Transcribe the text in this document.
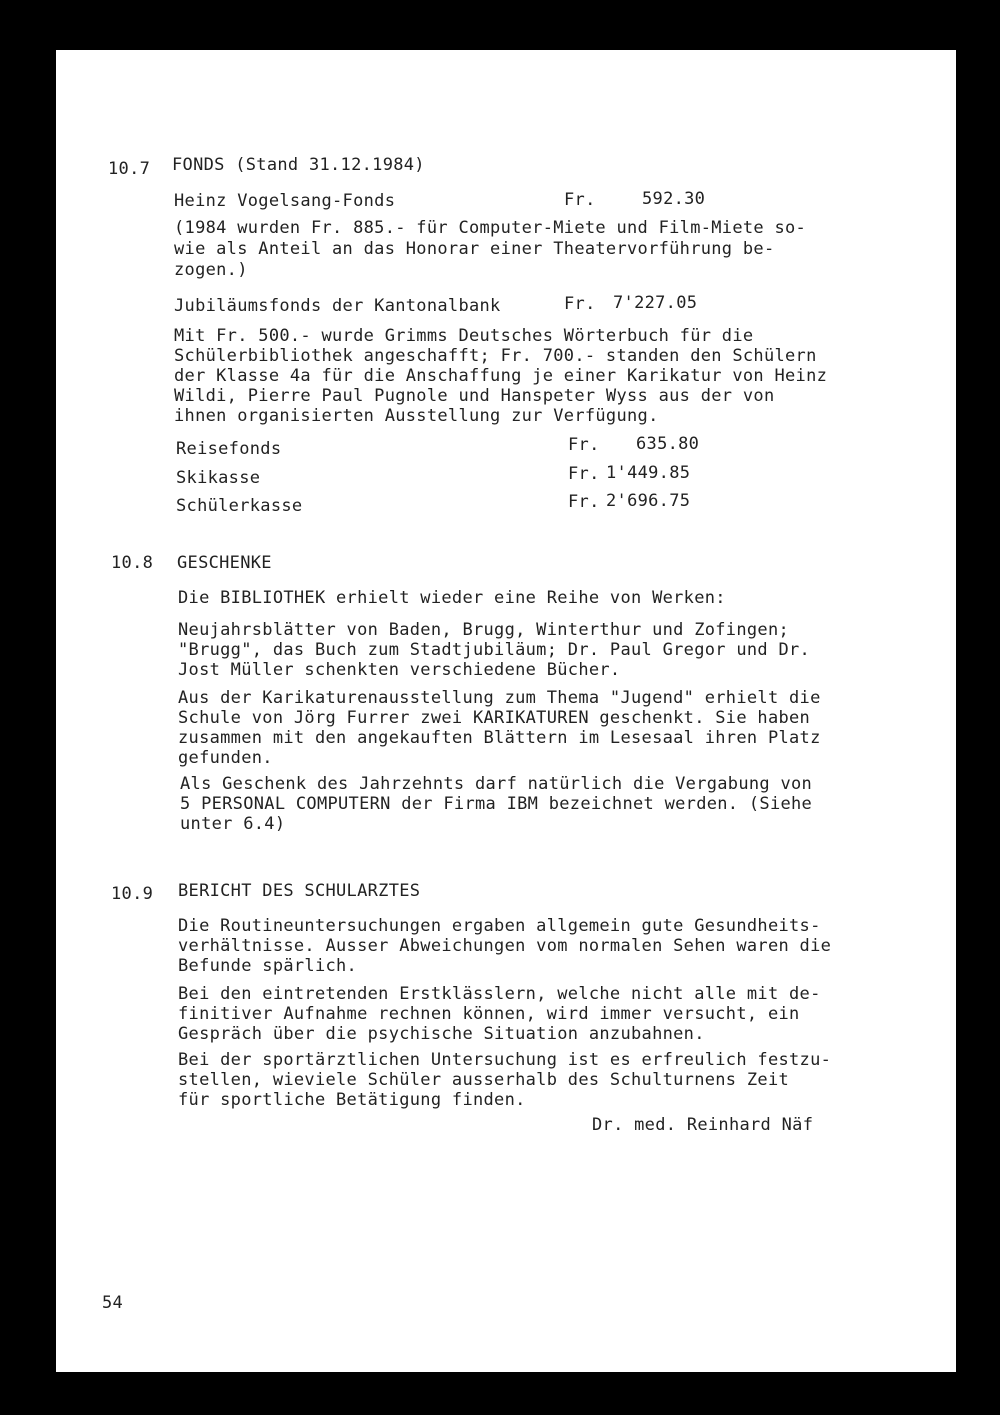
10.7	FONDS (Stand 31.12.1984)
Heinz Vogelsang-Fonds	Fr.	592.30
(1984 wurden Fr. 885.- für Computer-Miete und Film-Miete so-
wie als Anteil an das Honorar einer Theatervorführung be-
zogen.)
Jubiläumsfonds der Kantonalbank	Fr. 7'227.05
Mit Fr. 500.- wurde Grimms Deutsches Wörterbuch für die
Schülerbibliothek angeschafft; Fr. 700.- standen den Schülern
der Klasse 4a für die Anschaffung je einer Karikatur von Heinz
Wildi, Pierre Paul Pugnole und Hanspeter Wyss aus der von
ihnen organisierten Ausstellung zur Verfügung.
Reisefonds	Fr. 635.80
Skikasse	Fr. 1'449.85
Schülerkasse	Fr. 2'696.75
10.8	GESCHENKE
Die BIBLIOTHEK erhielt wieder eine Reihe von Werken:
Neujahrsblätter von Baden, Brugg, Winterthur und Zofingen;
"Brugg", das Buch zum Stadtjubiläum; Dr. Paul Gregor und Dr.
Jost Müller schenkten verschiedene Bücher.
Aus der Karikaturenausstellung zum Thema "Jugend" erhielt die
Schule von Jörg Furrer zwei KARIKATUREN geschenkt. Sie haben
zusammen mit den angekauften Blättern im Lesesaal ihren Platz
gefunden.
Als Geschenk des Jahrzehnts darf natürlich die Vergabung von
5 PERSONAL COMPUTERN der Firma IBM bezeichnet werden. (Siehe
unter 6.4)
10.9	BERICHT DES SCHULARZTES
Die Routineuntersuchungen ergaben allgemein gute Gesundheits-
verhältnisse. Ausser Abweichungen vom normalen Sehen waren die
Befunde spärlich.
Bei den eintretenden Erstklässlern, welche nicht alle mit de-
finitiver Aufnahme rechnen können, wird immer versucht, ein
Gespräch über die psychische Situation anzubahnen.
Bei der sportärztlichen Untersuchung ist es erfreulich festzu-
stellen, wieviele Schüler ausserhalb des Schulturnens Zeit
für sportliche Betätigung finden.
Dr. med. Reinhard Näf
54
